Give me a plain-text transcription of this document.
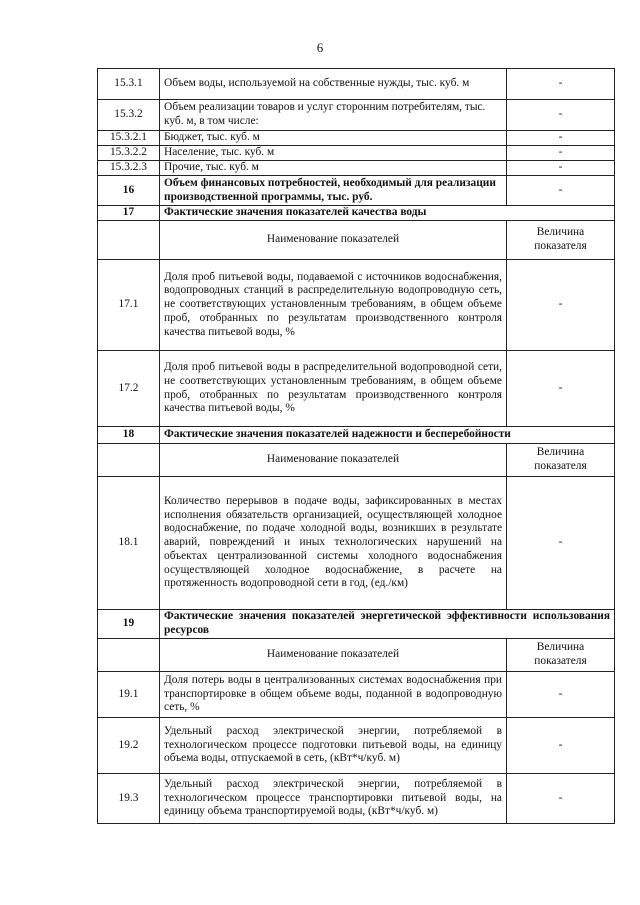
6
15.3.1	Объем воды, используемой на собственные нужды, тыс. куб. м	-
15.3.2	Объем реализации товаров и услуг сторонним потребителям, тыс. куб. м, в том числе:	-
15.3.2.1	Бюджет, тыс. куб. м	-
15.3.2.2	Население, тыс. куб. м	-
15.3.2.3	Прочие, тыс. куб. м	-
16	Объем финансовых потребностей, необходимый для реализации производственной программы, тыс. руб.	-
17	Фактические значения показателей качества воды	
	Наименование показателей	Величина показателя
17.1	Доля проб питьевой воды, подаваемой с источников водоснабжения, водопроводных станций в распределительную водопроводную сеть, не соответствующих установленным требованиям, в общем объеме проб, отобранных по результатам производственного контроля качества питьевой воды, %	-
17.2	Доля проб питьевой воды в распределительной водопроводной сети, не соответствующих установленным требованиям, в общем объеме проб, отобранных по результатам производственного контроля качества питьевой воды, %	-
18	Фактические значения показателей надежности и бесперебойности	
	Наименование показателей	Величина показателя
18.1	Количество перерывов в подаче воды, зафиксированных в местах исполнения обязательств организацией, осуществляющей холодное водоснабжение, по подаче холодной воды, возникших в результате аварий, повреждений и иных технологических нарушений на объектах централизованной системы холодного водоснабжения осуществляющей холодное водоснабжение, в расчете на протяженность водопроводной сети в год, (ед./км)	-
19	Фактические значения показателей энергетической эффективности использования ресурсов	
	Наименование показателей	Величина показателя
19.1	Доля потерь воды в централизованных системах водоснабжения при транспортировке в общем объеме воды, поданной в водопроводную сеть, %	-
19.2	Удельный расход электрической энергии, потребляемой в технологическом процессе подготовки питьевой воды, на единицу объема воды, отпускаемой в сеть, (кВт*ч/куб. м)	-
19.3	Удельный расход электрической энергии, потребляемой в технологическом процессе транспортировки питьевой воды, на единицу объема транспортируемой воды, (кВт*ч/куб. м)	-
